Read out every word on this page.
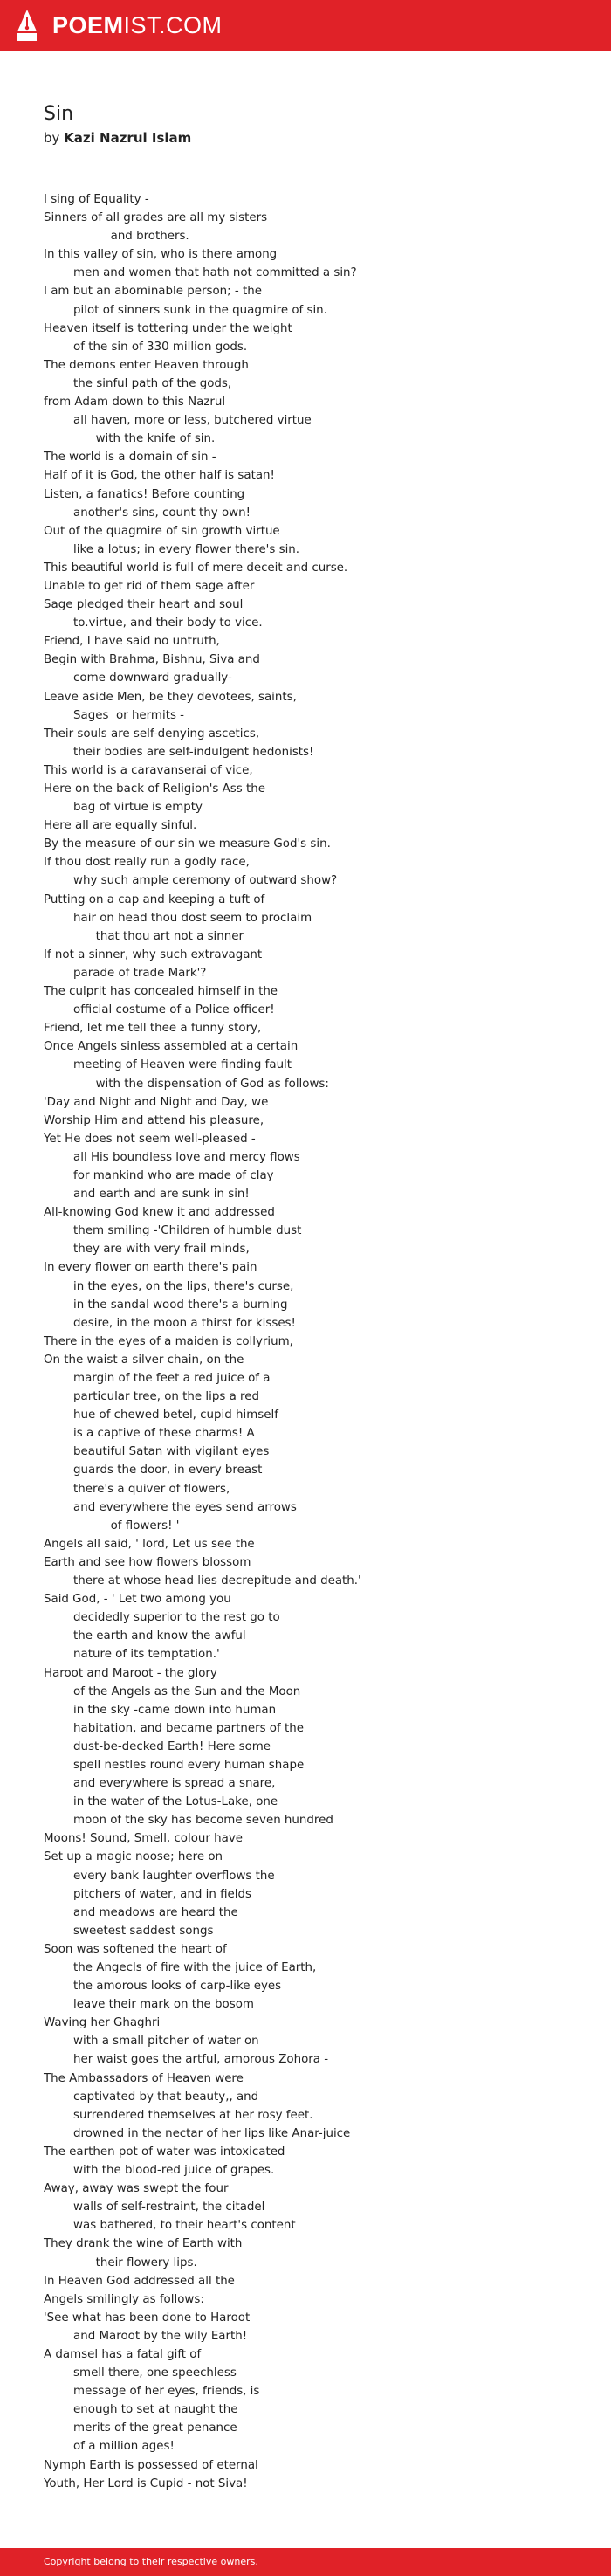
POEMIST.COM
Sin
by Kazi Nazrul Islam
I sing of Equality -
Sinners of all grades are all my sisters
and brothers.
In this valley of sin, who is there among
men and women that hath not committed a sin?
I am but an abominable person; - the
pilot of sinners sunk in the quagmire of sin.
Heaven itself is tottering under the weight
of the sin of 330 million gods.
The demons enter Heaven through
the sinful path of the gods,
from Adam down to this Nazrul
all haven, more or less, butchered virtue
with the knife of sin.
The world is a domain of sin -
Half of it is God, the other half is satan!
Listen, a fanatics! Before counting
another's sins, count thy own!
Out of the quagmire of sin growth virtue
like a lotus; in every flower there's sin.
This beautiful world is full of mere deceit and curse.
Unable to get rid of them sage after
Sage pledged their heart and soul
to.virtue, and their body to vice.
Friend, I have said no untruth,
Begin with Brahma, Bishnu, Siva and
come downward gradually-
Leave aside Men, be they devotees, saints,
Sages  or hermits -
Their souls are self-denying ascetics,
their bodies are self-indulgent hedonists!
This world is a caravanserai of vice,
Here on the back of Religion's Ass the
bag of virtue is empty
Here all are equally sinful.
By the measure of our sin we measure God's sin.
If thou dost really run a godly race,
why such ample ceremony of outward show?
Putting on a cap and keeping a tuft of
hair on head thou dost seem to proclaim
that thou art not a sinner
If not a sinner, why such extravagant
parade of trade Mark'?
The culprit has concealed himself in the
official costume of a Police officer!
Friend, let me tell thee a funny story,
Once Angels sinless assembled at a certain
meeting of Heaven were finding fault
with the dispensation of God as follows:
'Day and Night and Night and Day, we
Worship Him and attend his pleasure,
Yet He does not seem well-pleased -
all His boundless love and mercy flows
for mankind who are made of clay
and earth and are sunk in sin!
All-knowing God knew it and addressed
them smiling -'Children of humble dust
they are with very frail minds,
In every flower on earth there's pain
in the eyes, on the lips, there's curse,
in the sandal wood there's a burning
desire, in the moon a thirst for kisses!
There in the eyes of a maiden is collyrium,
On the waist a silver chain, on the
margin of the feet a red juice of a
particular tree, on the lips a red
hue of chewed betel, cupid himself
is a captive of these charms! A
beautiful Satan with vigilant eyes
guards the door, in every breast
there's a quiver of flowers,
and everywhere the eyes send arrows
of flowers! '
Angels all said, ' lord, Let us see the
Earth and see how flowers blossom
there at whose head lies decrepitude and death.'
Said God, - ' Let two among you
decidedly superior to the rest go to
the earth and know the awful
nature of its temptation.'
Haroot and Maroot - the glory
of the Angels as the Sun and the Moon
in the sky -came down into human
habitation, and became partners of the
dust-be-decked Earth! Here some
spell nestles round every human shape
and everywhere is spread a snare,
in the water of the Lotus-Lake, one
moon of the sky has become seven hundred
Moons! Sound, Smell, colour have
Set up a magic noose; here on
every bank laughter overflows the
pitchers of water, and in fields
and meadows are heard the
sweetest saddest songs
Soon was softened the heart of
the Angecls of fire with the juice of Earth,
the amorous looks of carp-like eyes
leave their mark on the bosom
Waving her Ghaghri
with a small pitcher of water on
her waist goes the artful, amorous Zohora -
The Ambassadors of Heaven were
captivated by that beauty,, and
surrendered themselves at her rosy feet.
drowned in the nectar of her lips like Anar-juice
The earthen pot of water was intoxicated
with the blood-red juice of grapes.
Away, away was swept the four
walls of self-restraint, the citadel
was bathered, to their heart's content
They drank the wine of Earth with
their flowery lips.
In Heaven God addressed all the
Angels smilingly as follows:
'See what has been done to Haroot
and Maroot by the wily Earth!
A damsel has a fatal gift of
smell there, one speechless
message of her eyes, friends, is
enough to set at naught the
merits of the great penance
of a million ages!
Nymph Earth is possessed of eternal
Youth, Her Lord is Cupid - not Siva!
Copyright belong to their respective owners.
